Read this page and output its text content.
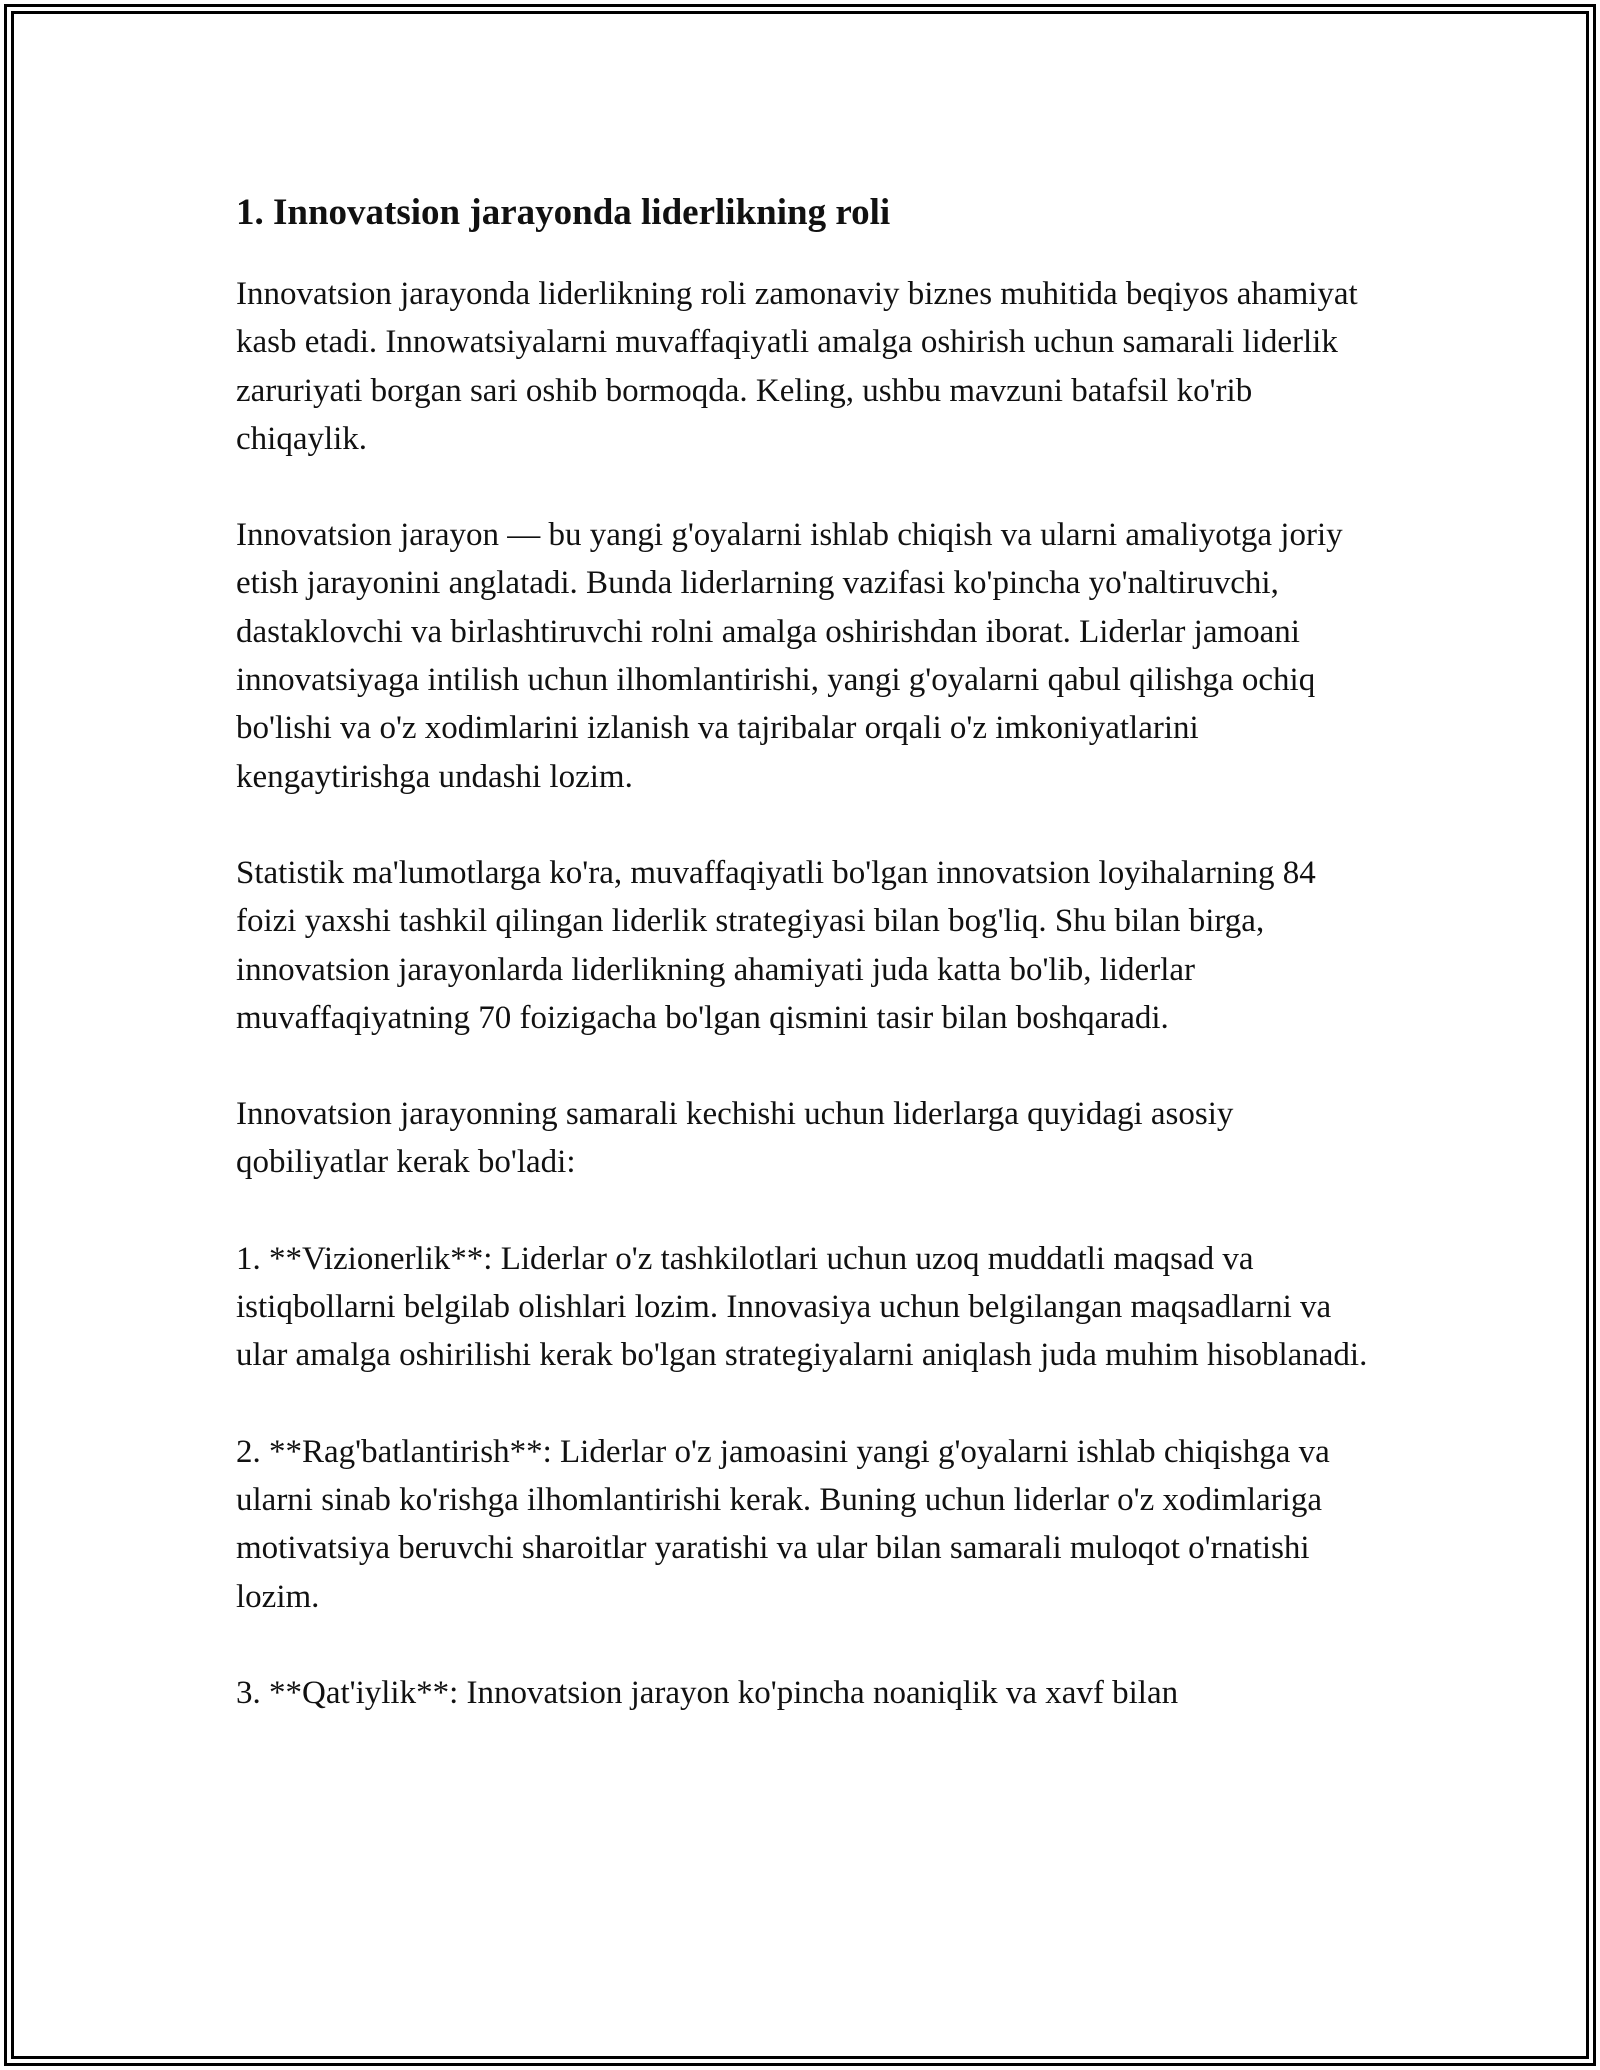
1. Innovatsion jarayonda liderlikning roli

Innovatsion jarayonda liderlikning roli zamonaviy biznes muhitida beqiyos ahamiyat kasb etadi. Innowatsiyalarni muvaffaqiyatli amalga oshirish uchun samarali liderlik zaruriyati borgan sari oshib bormoqda. Keling, ushbu mavzuni batafsil ko'rib chiqaylik.

Innovatsion jarayon — bu yangi g'oyalarni ishlab chiqish va ularni amaliyotga joriy etish jarayonini anglatadi. Bunda liderlarning vazifasi ko'pincha yo'naltiruvchi, dastaklovchi va birlashtiruvchi rolni amalga oshirishdan iborat. Liderlar jamoani innovatsiyaga intilish uchun ilhomlantirishi, yangi g'oyalarni qabul qilishga ochiq bo'lishi va o'z xodimlarini izlanish va tajribalar orqali o'z imkoniyatlarini kengaytirishga undashi lozim.

Statistik ma'lumotlarga ko'ra, muvaffaqiyatli bo'lgan innovatsion loyihalarning 84 foizi yaxshi tashkil qilingan liderlik strategiyasi bilan bog'liq. Shu bilan birga, innovatsion jarayonlarda liderlikning ahamiyati juda katta bo'lib, liderlar muvaffaqiyatning 70 foizigacha bo'lgan qismini tasir bilan boshqaradi.

Innovatsion jarayonning samarali kechishi uchun liderlarga quyidagi asosiy qobiliyatlar kerak bo'ladi:

1. **Vizionerlik**: Liderlar o'z tashkilotlari uchun uzoq muddatli maqsad va istiqbollarni belgilab olishlari lozim. Innovasiya uchun belgilangan maqsadlarni va ular amalga oshirilishi kerak bo'lgan strategiyalarni aniqlash juda muhim hisoblanadi.

2. **Rag'batlantirish**: Liderlar o'z jamoasini yangi g'oyalarni ishlab chiqishga va ularni sinab ko'rishga ilhomlantirishi kerak. Buning uchun liderlar o'z xodimlariga motivatsiya beruvchi sharoitlar yaratishi va ular bilan samarali muloqot o'rnatishi lozim.

3. **Qat'iylik**: Innovatsion jarayon ko'pincha noaniqlik va xavf bilan
